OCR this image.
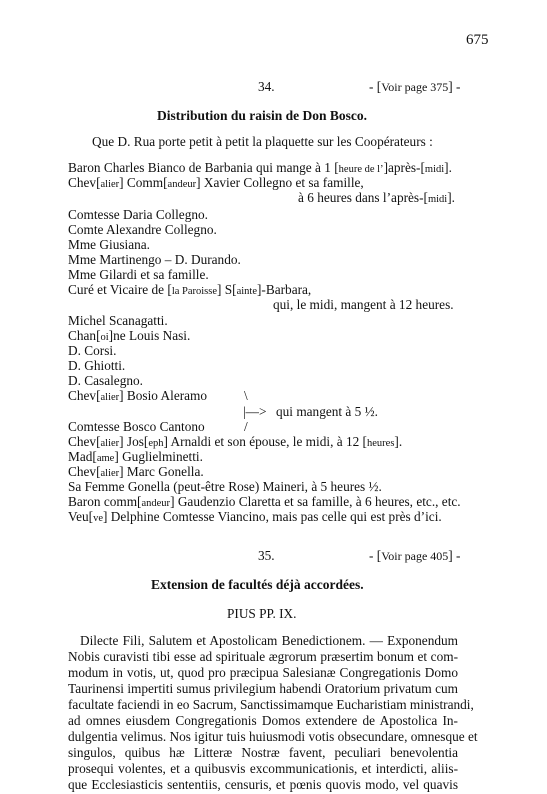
675
34.	- [Voir page 375] -
Distribution du raisin de Don Bosco.
Que D. Rua porte petit à petit la plaquette sur les Coopérateurs :
Baron Charles Bianco de Barbania qui mange à 1 [heure de l’]après-[midi].
Chev[alier] Comm[andeur] Xavier Collegno et sa famille,
à 6 heures dans l’après-[midi].
Comtesse Daria Collegno.
Comte Alexandre Collegno.
Mme Giusiana.
Mme Martinengo – D. Durando.
Mme Gilardi et sa famille.
Curé et Vicaire de [la Paroisse] S[ainte]-Barbara,
qui, le midi, mangent à 12 heures.
Michel Scanagatti.
Chan[oi]ne Louis Nasi.
D. Corsi.
D. Ghiotti.
D. Casalegno.
Chev[alier] Bosio Aleramo	\
|—> qui mangent à 5 ½.
/
Comtesse Bosco Cantono
Chev[alier] Jos[eph] Arnaldi et son épouse, le midi, à 12 [heures].
Mad[ame] Guglielminetti.
Chev[alier] Marc Gonella.
Sa Femme Gonella (peut-être Rose) Maineri, à 5 heures ½.
Baron comm[andeur] Gaudenzio Claretta et sa famille, à 6 heures, etc., etc.
Veu[ve] Delphine Comtesse Viancino, mais pas celle qui est près d’ici.
35.	- [Voir page 405] -
Extension de facultés déjà accordées.
PIUS PP. IX.
Dilecte Fili, Salutem et Apostolicam Benedictionem. — Exponendum
Nobis curavisti tibi esse ad spirituale ægrorum præsertim bonum et com-
modum in votis, ut, quod pro præcipua Salesianæ Congregationis Domo
Taurinensi impertiti sumus privilegium habendi Oratorium privatum cum
facultate faciendi in eo Sacrum, Sanctissimamque Eucharistiam ministrandi,
ad omnes eiusdem Congregationis Domos extendere de Apostolica In-
dulgentia velimus. Nos igitur tuis huiusmodi votis obsecundare, omnesque et
singulos, quibus hæ Litteræ Nostræ favent, peculiari benevolentia
prosequi volentes, et a quibusvis excommunicationis, et interdicti, aliis-
que Ecclesiasticis sententiis, censuris, et pœnis quovis modo, vel quavis
